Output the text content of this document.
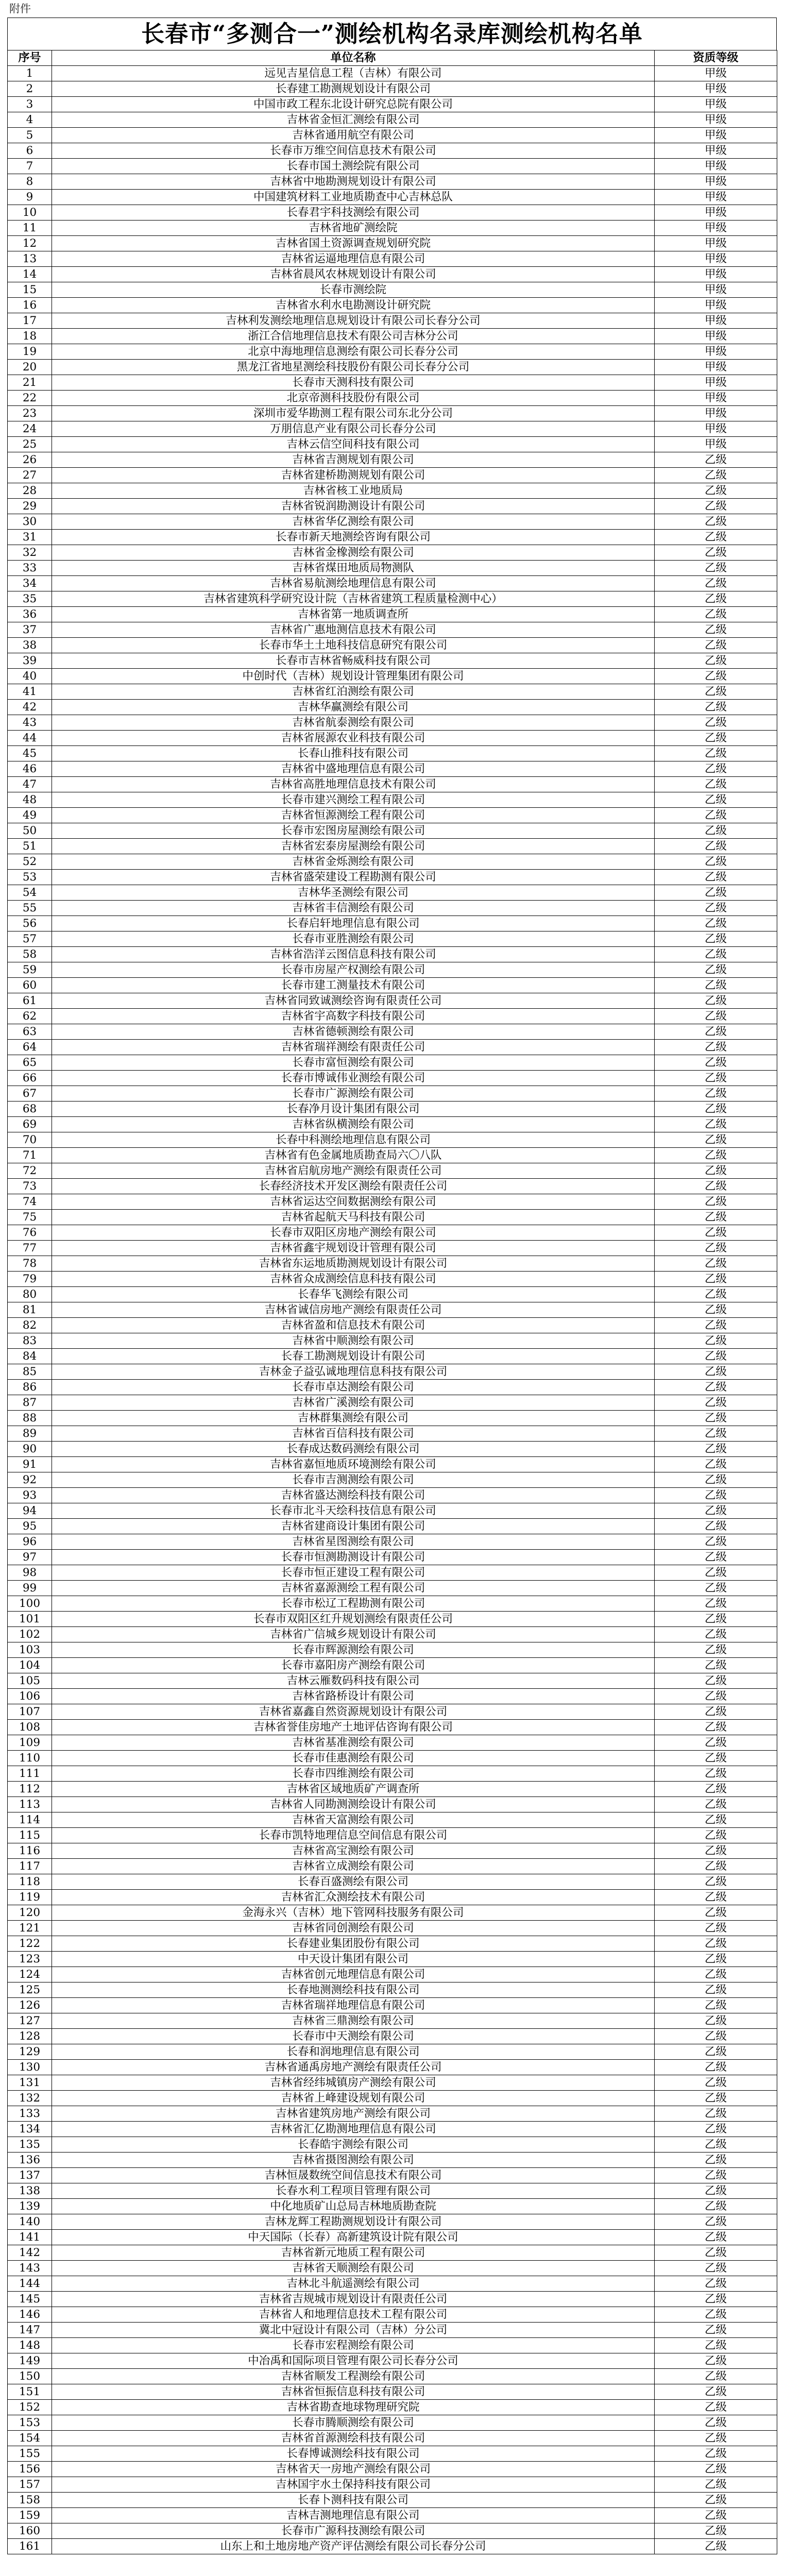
附件
长春市“多测合一”测绘机构名录库测绘机构名单
序号	单位名称	资质等级
1	远见吉星信息工程（吉林）有限公司	甲级
2	长春建工勘测规划设计有限公司	甲级
3	中国市政工程东北设计研究总院有限公司	甲级
4	吉林省金恒汇测绘有限公司	甲级
5	吉林省通用航空有限公司	甲级
6	长春市万维空间信息技术有限公司	甲级
7	长春市国土测绘院有限公司	甲级
8	吉林省中地勘测规划设计有限公司	甲级
9	中国建筑材料工业地质勘查中心吉林总队	甲级
10	长春君宇科技测绘有限公司	甲级
11	吉林省地矿测绘院	甲级
12	吉林省国土资源调查规划研究院	甲级
13	吉林省运逼地理信息有限公司	甲级
14	吉林省晨风农林规划设计有限公司	甲级
15	长春市测绘院	甲级
16	吉林省水利水电勘测设计研究院	甲级
17	吉林利发测绘地理信息规划设计有限公司长春分公司	甲级
18	浙江合信地理信息技术有限公司吉林分公司	甲级
19	北京中海地理信息测绘有限公司长春分公司	甲级
20	黑龙江省地星测绘科技股份有限公司长春分公司	甲级
21	长春市天测科技有限公司	甲级
22	北京帝测科技股份有限公司	甲级
23	深圳市爱华勘测工程有限公司东北分公司	甲级
24	万朋信息产业有限公司长春分公司	甲级
25	吉林云信空间科技有限公司	甲级
26	吉林省吉测规划有限公司	乙级
27	吉林省建桥勘测规划有限公司	乙级
28	吉林省核工业地质局	乙级
29	吉林省锐润勘测设计有限公司	乙级
30	吉林省华亿测绘有限公司	乙级
31	长春市新天地测绘咨询有限公司	乙级
32	吉林省金橡测绘有限公司	乙级
33	吉林省煤田地质局物测队	乙级
34	吉林省易航测绘地理信息有限公司	乙级
35	吉林省建筑科学研究设计院（吉林省建筑工程质量检测中心）	乙级
36	吉林省第一地质调查所	乙级
37	吉林省广惠地测信息技术有限公司	乙级
38	长春市华土土地科技信息研究有限公司	乙级
39	长春市吉林省畅威科技有限公司	乙级
40	中创时代（吉林）规划设计管理集团有限公司	乙级
41	吉林省红泊测绘有限公司	乙级
42	吉林华赢测绘有限公司	乙级
43	吉林省航泰测绘有限公司	乙级
44	吉林省展源农业科技有限公司	乙级
45	长春山推科技有限公司	乙级
46	吉林省中盛地理信息有限公司	乙级
47	吉林省高胜地理信息技术有限公司	乙级
48	长春市建兴测绘工程有限公司	乙级
49	吉林省恒源测绘工程有限公司	乙级
50	长春市宏图房屋测绘有限公司	乙级
51	吉林省宏泰房屋测绘有限公司	乙级
52	吉林省金烁测绘有限公司	乙级
53	吉林省盛荣建设工程勘测有限公司	乙级
54	吉林华圣测绘有限公司	乙级
55	吉林省丰信测绘有限公司	乙级
56	长春启轩地理信息有限公司	乙级
57	长春市亚胜测绘有限公司	乙级
58	吉林省浩洋云图信息科技有限公司	乙级
59	长春市房屋产权测绘有限公司	乙级
60	长春市建工测量技术有限公司	乙级
61	吉林省同致诚测绘咨询有限责任公司	乙级
62	吉林省宇高数字科技有限公司	乙级
63	吉林省德顿测绘有限公司	乙级
64	吉林省瑞祥测绘有限责任公司	乙级
65	长春市富恒测绘有限公司	乙级
66	长春市博诚伟业测绘有限公司	乙级
67	长春市广源测绘有限公司	乙级
68	长春净月设计集团有限公司	乙级
69	吉林省纵横测绘有限公司	乙级
70	长春中科测绘地理信息有限公司	乙级
71	吉林省有色金属地质勘查局六〇八队	乙级
72	吉林省启航房地产测绘有限责任公司	乙级
73	长春经济技术开发区测绘有限责任公司	乙级
74	吉林省运达空间数据测绘有限公司	乙级
75	吉林省起航天马科技有限公司	乙级
76	长春市双阳区房地产测绘有限公司	乙级
77	吉林省鑫宇规划设计管理有限公司	乙级
78	吉林省东运地质勘测规划设计有限公司	乙级
79	吉林省众成测绘信息科技有限公司	乙级
80	长春华飞测绘有限公司	乙级
81	吉林省诚信房地产测绘有限责任公司	乙级
82	吉林省盈和信息技术有限公司	乙级
83	吉林省中顺测绘有限公司	乙级
84	长春工勘测规划设计有限公司	乙级
85	吉林金子益弘诚地理信息科技有限公司	乙级
86	长春市卓达测绘有限公司	乙级
87	吉林省广溪测绘有限公司	乙级
88	吉林群集测绘有限公司	乙级
89	吉林省百信科技有限公司	乙级
90	长春成达数码测绘有限公司	乙级
91	吉林省嘉恒地质环境测绘有限公司	乙级
92	长春市吉测测绘有限公司	乙级
93	吉林省盛达测绘科技有限公司	乙级
94	长春市北斗天绘科技信息有限公司	乙级
95	吉林省建商设计集团有限公司	乙级
96	吉林省星图测绘有限公司	乙级
97	长春市恒测勘测设计有限公司	乙级
98	长春市恒正建设工程有限公司	乙级
99	吉林省嘉源测绘工程有限公司	乙级
100	长春市松辽工程勘测有限公司	乙级
101	长春市双阳区红升规划测绘有限责任公司	乙级
102	吉林省广信城乡规划设计有限公司	乙级
103	长春市辉源测绘有限公司	乙级
104	长春市嘉阳房产测绘有限公司	乙级
105	吉林云雁数码科技有限公司	乙级
106	吉林省路桥设计有限公司	乙级
107	吉林省嘉鑫自然资源规划设计有限公司	乙级
108	吉林省誉佳房地产土地评估咨询有限公司	乙级
109	吉林省基准测绘有限公司	乙级
110	长春市佳惠测绘有限公司	乙级
111	长春市四维测绘有限公司	乙级
112	吉林省区域地质矿产调查所	乙级
113	吉林省人同勘测测绘设计有限公司	乙级
114	吉林省天富测绘有限公司	乙级
115	长春市凯特地理信息空间信息有限公司	乙级
116	吉林省高宝测绘有限公司	乙级
117	吉林省立成测绘有限公司	乙级
118	长春百盛测绘有限公司	乙级
119	吉林省汇众测绘技术有限公司	乙级
120	金海永兴（吉林）地下管网科技服务有限公司	乙级
121	吉林省同创测绘有限公司	乙级
122	长春建业集团股份有限公司	乙级
123	中天设计集团有限公司	乙级
124	吉林省创元地理信息有限公司	乙级
125	长春地测测绘科技有限公司	乙级
126	吉林省瑞祥地理信息有限公司	乙级
127	吉林省三鼎测绘有限公司	乙级
128	长春市中天测绘有限公司	乙级
129	长春和润地理信息有限公司	乙级
130	吉林省通禹房地产测绘有限责任公司	乙级
131	吉林省经纬城镇房产测绘有限公司	乙级
132	吉林省上峰建设规划有限公司	乙级
133	吉林省建筑房地产测绘有限公司	乙级
134	吉林省汇亿勘测地理信息有限公司	乙级
135	长春皓宇测绘有限公司	乙级
136	吉林省摄图测绘有限公司	乙级
137	吉林恒晟数统空间信息技术有限公司	乙级
138	长春水利工程项目管理有限公司	乙级
139	中化地质矿山总局吉林地质勘查院	乙级
140	吉林龙辉工程勘测规划设计有限公司	乙级
141	中天国际（长春）高新建筑设计院有限公司	乙级
142	吉林省新元地质工程有限公司	乙级
143	吉林省天顺测绘有限公司	乙级
144	吉林北斗航遥测绘有限公司	乙级
145	吉林省吉规城市规划设计有限责任公司	乙级
146	吉林省人和地理信息技术工程有限公司	乙级
147	冀北中冠设计有限公司（吉林）分公司	乙级
148	长春市宏程测绘有限公司	乙级
149	中冶禹和国际项目管理有限公司长春分公司	乙级
150	吉林省顺发工程测绘有限公司	乙级
151	吉林省恒振信息科技有限公司	乙级
152	吉林省勘查地球物理研究院	乙级
153	长春市腾顺测绘有限公司	乙级
154	吉林省首源测绘科技有限公司	乙级
155	长春博诚测绘科技有限公司	乙级
156	吉林省天一房地产测绘有限公司	乙级
157	吉林国宇水土保持科技有限公司	乙级
158	长春卜测科技有限公司	乙级
159	吉林吉测地理信息有限公司	乙级
160	长春市广源科技测绘有限公司	乙级
161	山东上和土地房地产资产评估测绘有限公司长春分公司	乙级
